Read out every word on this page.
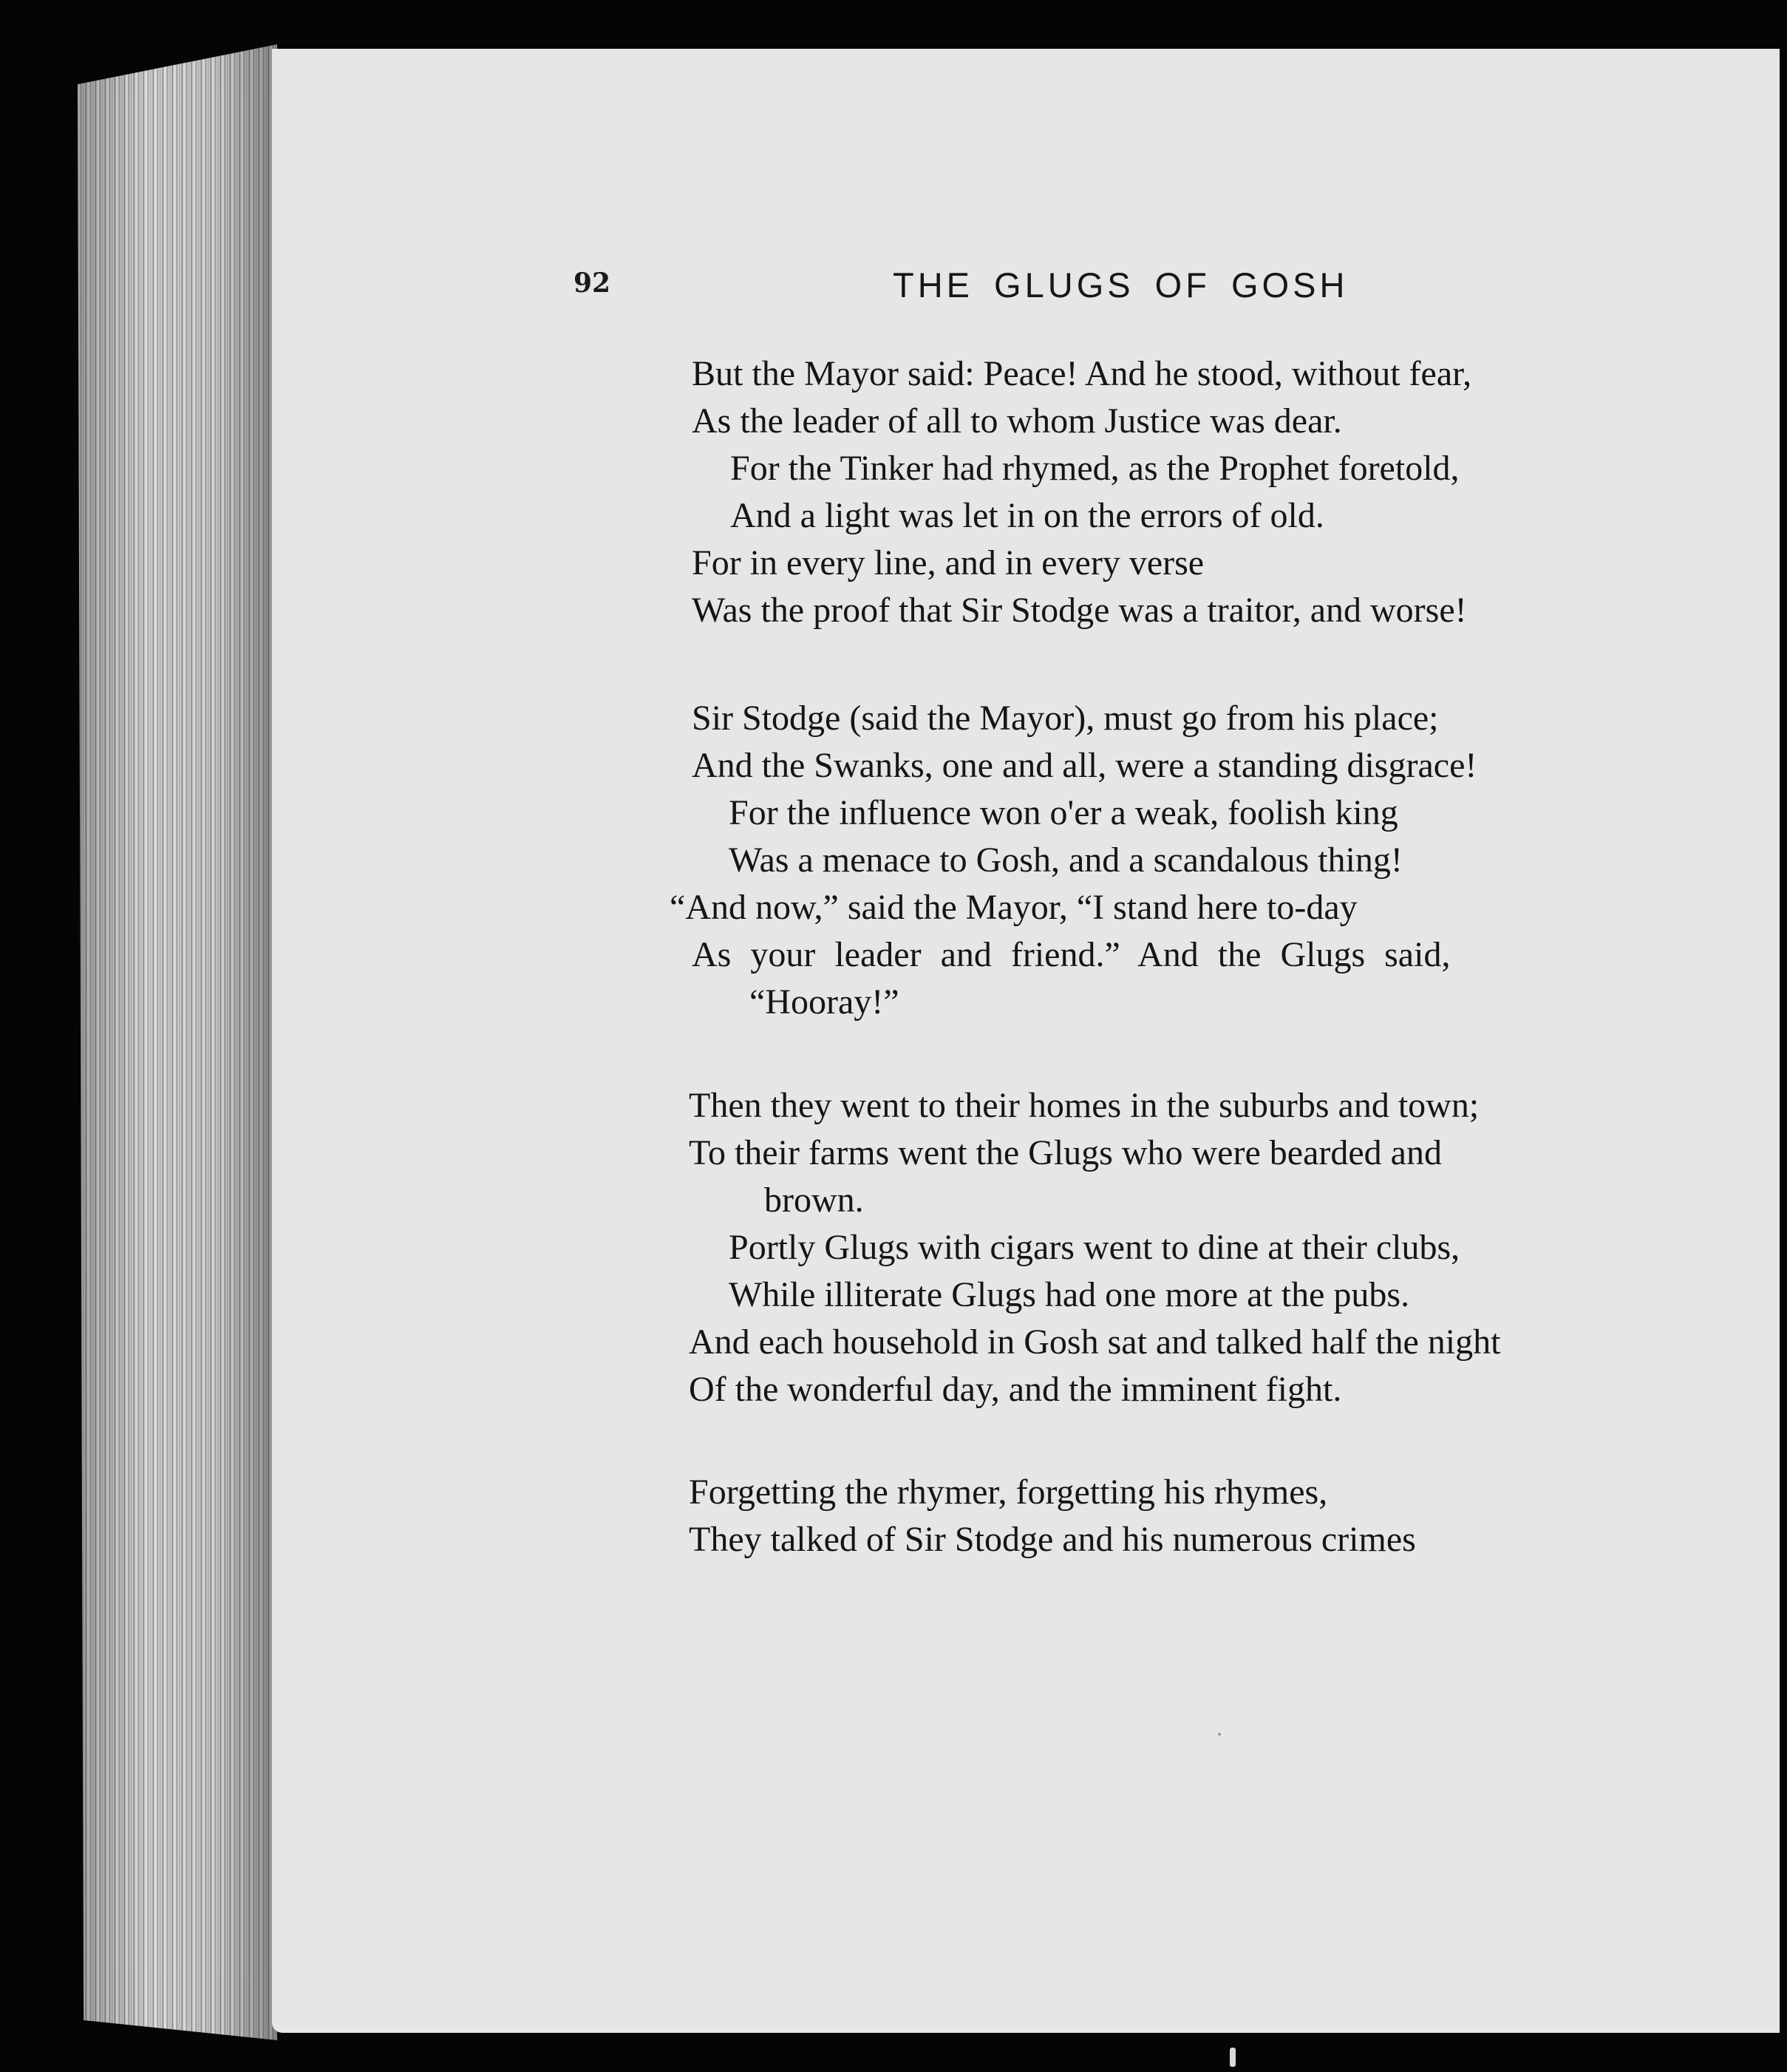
92	THE GLUGS OF GOSH
But the Mayor said: Peace! And he stood, without fear,
As the leader of all to whom Justice was dear.
For the Tinker had rhymed, as the Prophet foretold,
And a light was let in on the errors of old.
For in every line, and in every verse
Was the proof that Sir Stodge was a traitor, and worse!
Sir Stodge (said the Mayor), must go from his place;
And the Swanks, one and all, were a standing disgrace!
For the influence won o'er a weak, foolish king
Was a menace to Gosh, and a scandalous thing!
“And now,” said the Mayor, “I stand here to-day
As your leader and friend.” And the Glugs said,
“Hooray!”
Then they went to their homes in the suburbs and town;
To their farms went the Glugs who were bearded and
brown.
Portly Glugs with cigars went to dine at their clubs,
While illiterate Glugs had one more at the pubs.
And each household in Gosh sat and talked half the night
Of the wonderful day, and the imminent fight.
Forgetting the rhymer, forgetting his rhymes,
They talked of Sir Stodge and his numerous crimes
